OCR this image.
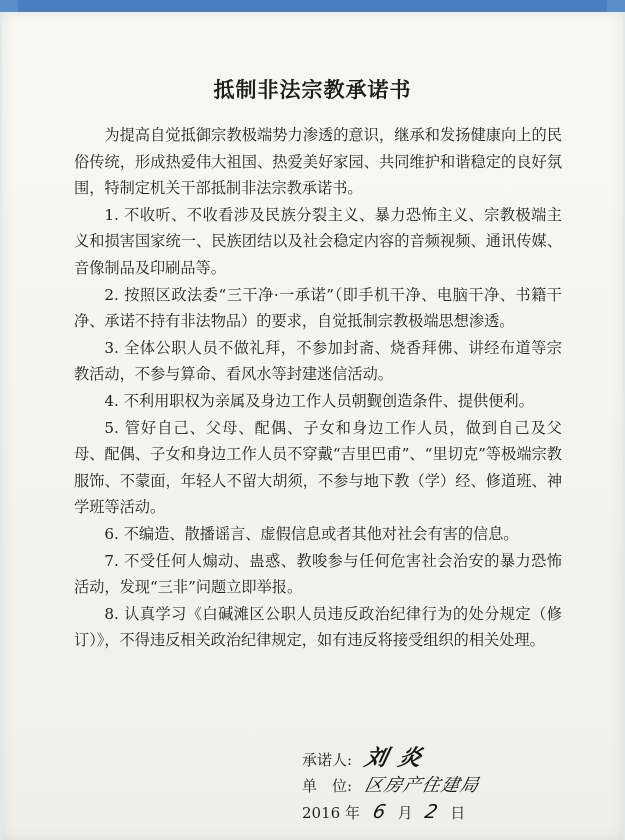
抵制非法宗教承诺书

为提高自觉抵御宗教极端势力渗透的意识，继承和发扬健康向上的民俗传统，形成热爱伟大祖国、热爱美好家园、共同维护和谐稳定的良好氛围，特制定机关干部抵制非法宗教承诺书。

1. 不收听、不收看涉及民族分裂主义、暴力恐怖主义、宗教极端主义和损害国家统一、民族团结以及社会稳定内容的音频视频、通讯传媒、音像制品及印刷品等。

2. 按照区政法委“三干净·一承诺”（即手机干净、电脑干净、书籍干净、承诺不持有非法物品）的要求，自觉抵制宗教极端思想渗透。

3. 全体公职人员不做礼拜，不参加封斋、烧香拜佛、讲经布道等宗教活动，不参与算命、看风水等封建迷信活动。

4. 不利用职权为亲属及身边工作人员朝觐创造条件、提供便利。

5. 管好自己、父母、配偶、子女和身边工作人员，做到自己及父母、配偶、子女和身边工作人员不穿戴“吉里巴甫”、“里切克”等极端宗教服饰、不蒙面，年轻人不留大胡须，不参与地下教（学）经、修道班、神学班等活动。

6. 不编造、散播谣言、虚假信息或者其他对社会有害的信息。

7. 不受任何人煽动、蛊惑、教唆参与任何危害社会治安的暴力恐怖活动，发现“三非”问题立即举报。

8. 认真学习《白碱滩区公职人员违反政治纪律行为的处分规定（修订）》，不得违反相关政治纪律规定，如有违反将接受组织的相关处理。

承诺人: 刘 炎
单　位: 区房产住建局
2016 年 6 月 2 日
